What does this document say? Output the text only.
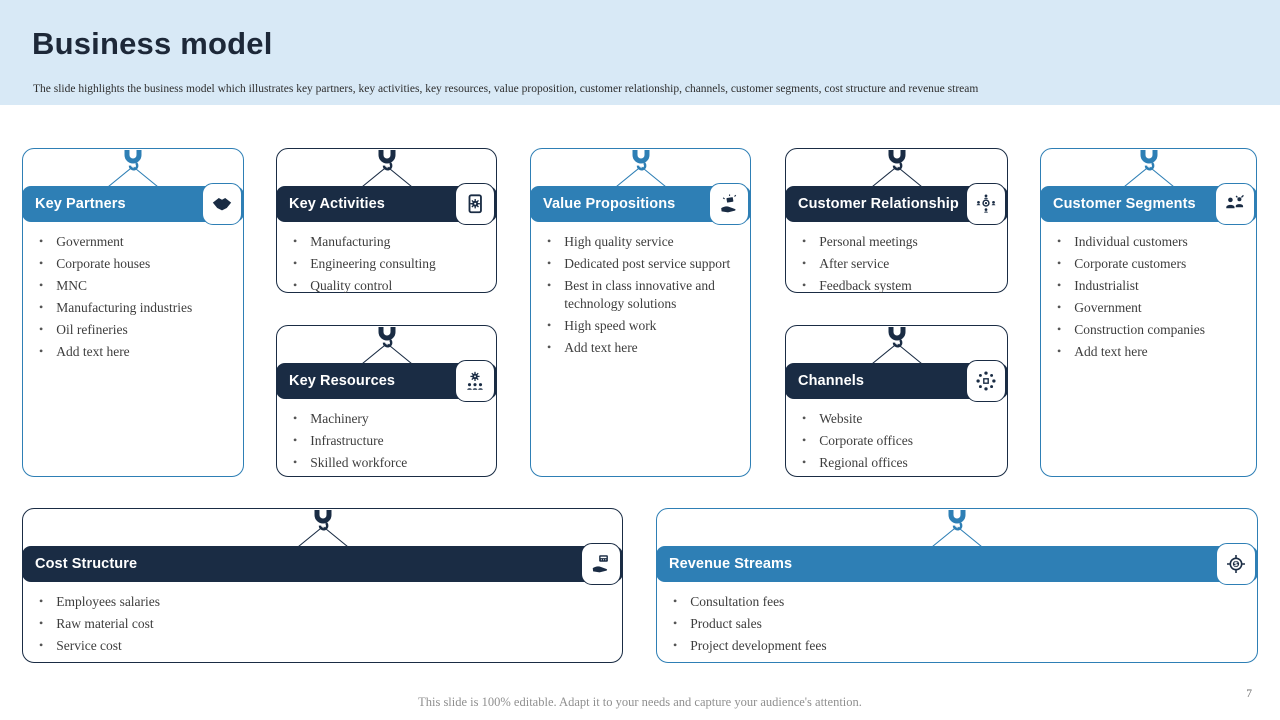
Business model
The slide highlights the business model which illustrates key partners, key activities, key resources, value proposition, customer relationship, channels, customer segments, cost structure and revenue stream
Key Partners
• Government
• Corporate houses
• MNC
• Manufacturing industries
• Oil refineries
• Add text here
Key Activities
• Manufacturing
• Engineering consulting
• Quality control
Key Resources
• Machinery
• Infrastructure
• Skilled workforce
Value Propositions
• High quality service
• Dedicated post service support
• Best in class innovative and technology solutions
• High speed work
• Add text here
Customer Relationship
• Personal meetings
• After service
• Feedback system
Channels
• Website
• Corporate offices
• Regional offices
Customer Segments
• Individual customers
• Corporate customers
• Industrialist
• Government
• Construction companies
• Add text here
Cost Structure
• Employees salaries
• Raw material cost
• Service cost
Revenue Streams	$
• Consultation fees
• Product sales
• Project development fees
This slide is 100% editable. Adapt it to your needs and capture your audience's attention.
7
